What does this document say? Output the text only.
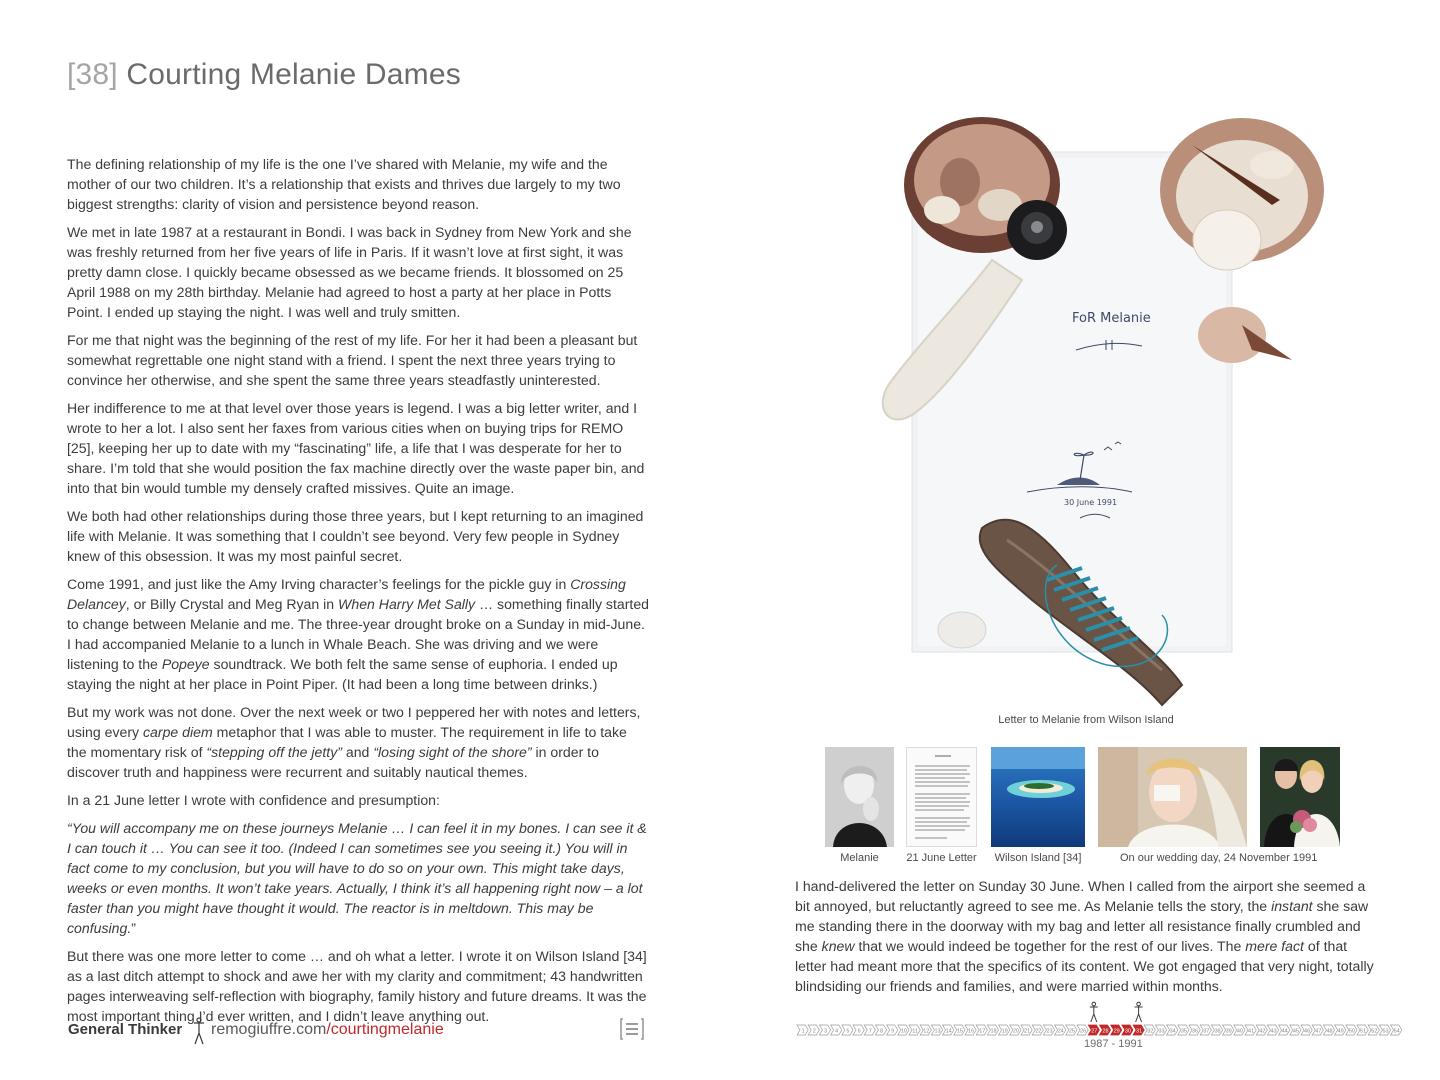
[38] Courting Melanie Dames

The defining relationship of my life is the one I’ve shared with Melanie, my wife and the mother of our two children. It’s a relationship that exists and thrives due largely to my two biggest strengths: clarity of vision and persistence beyond reason.

We met in late 1987 at a restaurant in Bondi. I was back in Sydney from New York and she was freshly returned from her five years of life in Paris. If it wasn’t love at first sight, it was pretty damn close. I quickly became obsessed as we became friends. It blossomed on 25 April 1988 on my 28th birthday. Melanie had agreed to host a party at her place in Potts Point. I ended up staying the night. I was well and truly smitten.

For me that night was the beginning of the rest of my life. For her it had been a pleasant but somewhat regrettable one night stand with a friend. I spent the next three years trying to convince her otherwise, and she spent the same three years steadfastly uninterested.

Her indifference to me at that level over those years is legend. I was a big letter writer, and I wrote to her a lot. I also sent her faxes from various cities when on buying trips for REMO [25], keeping her up to date with my “fascinating” life, a life that I was desperate for her to share. I’m told that she would position the fax machine directly over the waste paper bin, and into that bin would tumble my densely crafted missives. Quite an image.

We both had other relationships during those three years, but I kept returning to an imagined life with Melanie. It was something that I couldn’t see beyond. Very few people in Sydney knew of this obsession. It was my most painful secret.

Come 1991, and just like the Amy Irving character’s feelings for the pickle guy in Crossing Delancey, or Billy Crystal and Meg Ryan in When Harry Met Sally … something finally started to change between Melanie and me. The three-year drought broke on a Sunday in mid-June. I had accompanied Melanie to a lunch in Whale Beach. She was driving and we were listening to the Popeye soundtrack. We both felt the same sense of euphoria. I ended up staying the night at her place in Point Piper. (It had been a long time between drinks.)

But my work was not done. Over the next week or two I peppered her with notes and letters, using every carpe diem metaphor that I was able to muster. The requirement in life to take the momentary risk of “stepping off the jetty” and “losing sight of the shore” in order to discover truth and happiness were recurrent and suitably nautical themes.

In a 21 June letter I wrote with confidence and presumption:

“You will accompany me on these journeys Melanie … I can feel it in my bones. I can see it & I can touch it … You can see it too. (Indeed I can sometimes see you seeing it.) You will in fact come to my conclusion, but you will have to do so on your own. This might take days, weeks or even months. It won’t take years. Actually, I think it’s all happening right now – a lot faster than you might have thought it would. The reactor is in meltdown. This may be confusing.”

But there was one more letter to come … and oh what a letter. I wrote it on Wilson Island [34] as a last ditch attempt to shock and awe her with my clarity and commitment; 43 handwritten pages interweaving self-reflection with biography, family history and future dreams. It was the most important thing I’d ever written, and I didn’t leave anything out.

General Thinker remogiuffre.com/courtingmelanie
FoR Melanie
30 June 1991
Letter to Melanie from Wilson Island
Melanie	21 June Letter	Wilson Island [34]	On our wedding day, 24 November 1991

I hand-delivered the letter on Sunday 30 June. When I called from the airport she seemed a bit annoyed, but reluctantly agreed to see me. As Melanie tells the story, the instant she saw me standing there in the doorway with my bag and letter all resistance finally crumbled and she knew that we would indeed be together for the rest of our lives. The mere fact of that letter had meant more that the specifics of its content. We got engaged that very night, totally blindsiding our friends and families, and were married within months.

1 2 3 4 5 6 7 8 9 10 11 12 13 14 15 16 17 18 19 20 21 22 23 24 25 26 27 28 29 30 31 32 33 34 35 36 37 38 39 40 41 42 43 44 45 46 47 48 49 50 51 52 53 54
1987 - 1991
